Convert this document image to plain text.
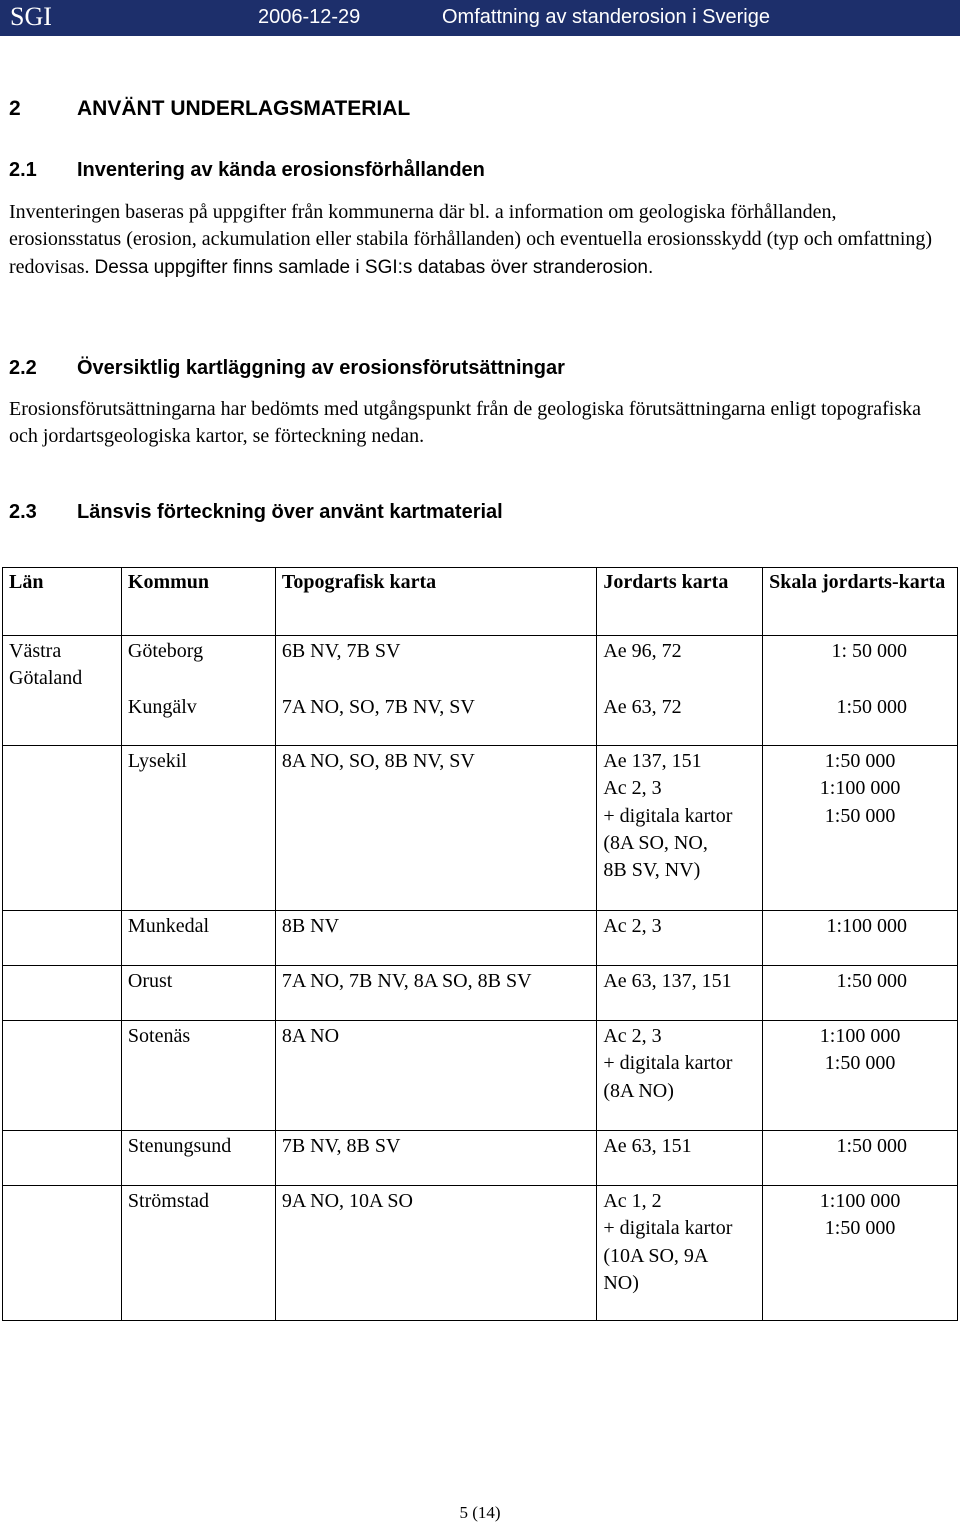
SGI	2006-12-29	Omfattning av standerosion i Sverige
2	ANVÄNT UNDERLAGSMATERIAL
2.1 Inventering av kända erosionsförhållanden

Inventeringen baseras på uppgifter från kommunerna där bl. a information om geologiska förhållanden, erosionsstatus (erosion, ackumulation eller stabila förhållanden) och eventuella erosionsskydd (typ och omfattning) redovisas. Dessa uppgifter finns samlade i SGI:s databas över stranderosion.

2.2 Översiktlig kartläggning av erosionsförutsättningar

Erosionsförutsättningarna har bedömts med utgångspunkt från de geologiska förutsättningarna enligt topografiska och jordartsgeologiska kartor, se förteckning nedan.

2.3 Länsvis förteckning över använt kartmaterial
Län	Kommun	Topografisk karta	Jordarts karta	Skala jordarts-karta
Västra Götaland	Göteborg	6B NV, 7B SV	Ae 96, 72	1: 50 000

	Kungälv	7A NO, SO, 7B NV, SV	Ae 63, 72	1:50 000

	Lysekil	8A NO, SO, 8B NV, SV	Ae 137, 151
Ac 2, 3
+ digitala kartor
(8A SO, NO,
8B SV, NV)	1:50 000
1:100 000
1:50 000

	Munkedal	8B NV	Ac 2, 3	1:100 000

	Orust	7A NO, 7B NV, 8A SO, 8B SV	Ae 63, 137, 151	1:50 000

	Sotenäs	8A NO	Ac 2, 3
+ digitala kartor
(8A NO)	1:100 000
1:50 000

	Stenungsund	7B NV, 8B SV	Ae 63, 151	1:50 000

	Strömstad	9A NO, 10A SO	Ac 1, 2
+ digitala kartor
(10A SO, 9A
NO)	1:100 000
1:50 000
5 (14)
